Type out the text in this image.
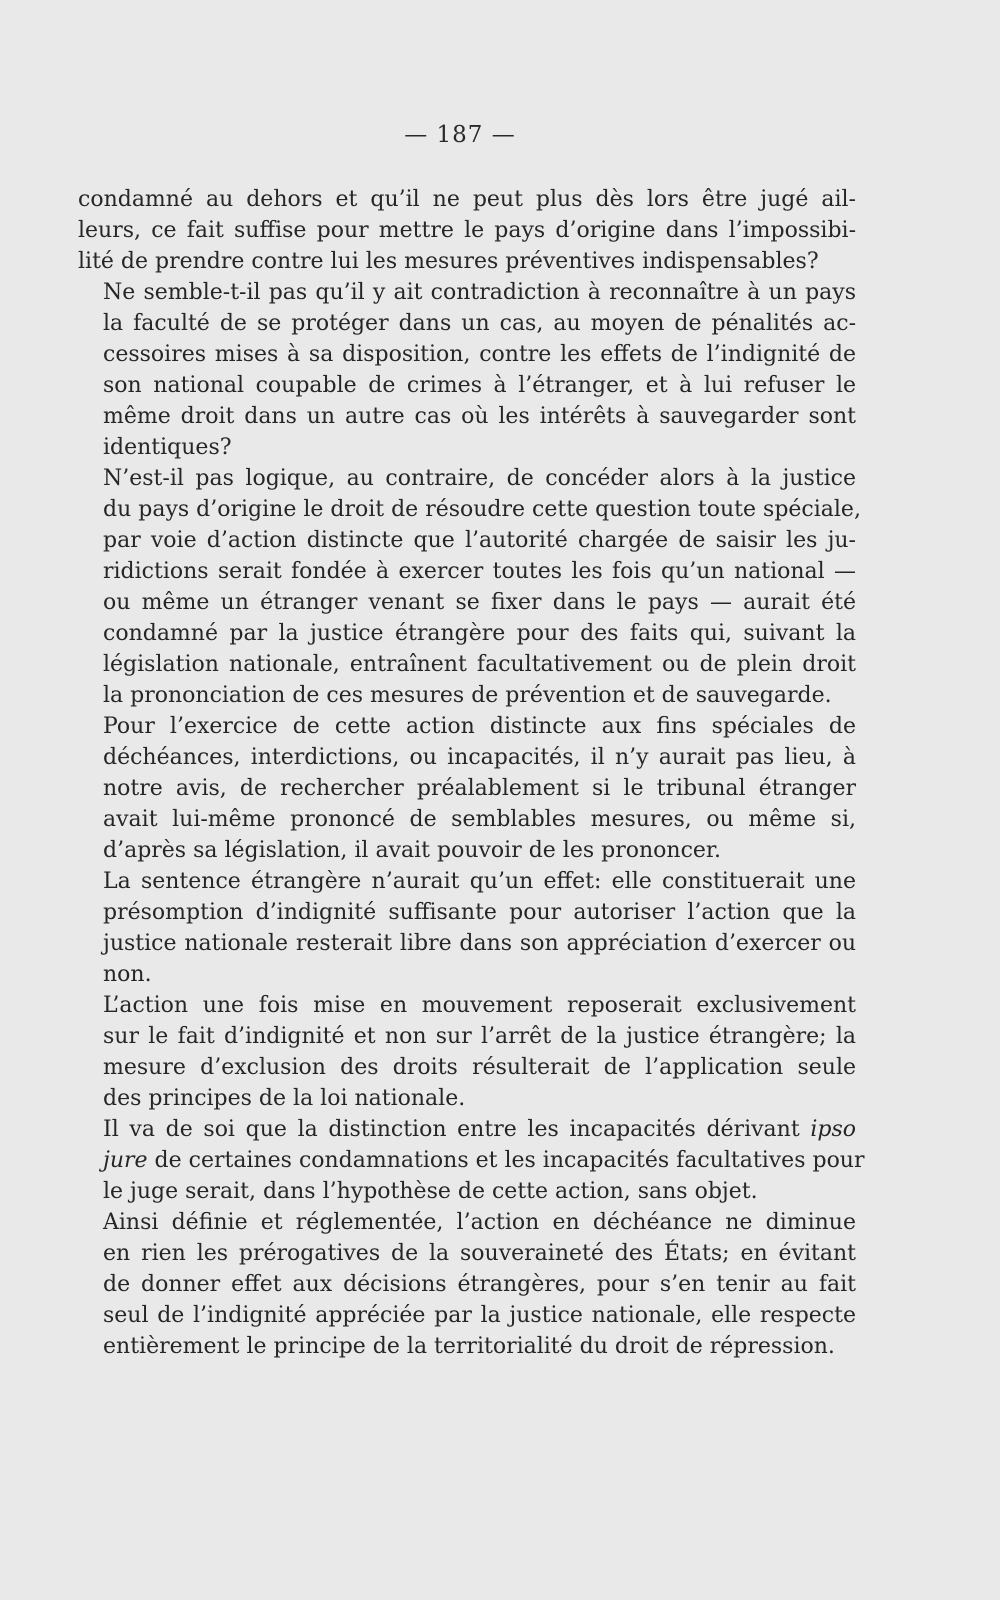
— 187 —

condamné au dehors et qu’il ne peut plus dès lors être jugé ail-
leurs, ce fait suffise pour mettre le pays d’origine dans l’impossibi-
lité de prendre contre lui les mesures préventives indispensables?

Ne semble-t-il pas qu’il y ait contradiction à reconnaître à un pays
la faculté de se protéger dans un cas, au moyen de pénalités ac-
cessoires mises à sa disposition, contre les effets de l’indignité de
son national coupable de crimes à l’étranger, et à lui refuser le
même droit dans un autre cas où les intérêts à sauvegarder sont
identiques?

N’est-il pas logique, au contraire, de concéder alors à la justice
du pays d’origine le droit de résoudre cette question toute spéciale,
par voie d’action distincte que l’autorité chargée de saisir les ju-
ridictions serait fondée à exercer toutes les fois qu’un national —
ou même un étranger venant se fixer dans le pays — aurait été
condamné par la justice étrangère pour des faits qui, suivant la
législation nationale, entraînent facultativement ou de plein droit
la prononciation de ces mesures de prévention et de sauvegarde.

Pour l’exercice de cette action distincte aux fins spéciales de
déchéances, interdictions, ou incapacités, il n’y aurait pas lieu, à
notre avis, de rechercher préalablement si le tribunal étranger
avait lui-même prononcé de semblables mesures, ou même si,
d’après sa législation, il avait pouvoir de les prononcer.

La sentence étrangère n’aurait qu’un effet: elle constituerait une
présomption d’indignité suffisante pour autoriser l’action que la
justice nationale resterait libre dans son appréciation d’exercer ou
non.

L’action une fois mise en mouvement reposerait exclusivement
sur le fait d’indignité et non sur l’arrêt de la justice étrangère; la
mesure d’exclusion des droits résulterait de l’application seule
des principes de la loi nationale.

Il va de soi que la distinction entre les incapacités dérivant ipso
jure de certaines condamnations et les incapacités facultatives pour
le juge serait, dans l’hypothèse de cette action, sans objet.

Ainsi définie et réglementée, l’action en déchéance ne diminue
en rien les prérogatives de la souveraineté des États; en évitant
de donner effet aux décisions étrangères, pour s’en tenir au fait
seul de l’indignité appréciée par la justice nationale, elle respecte
entièrement le principe de la territorialité du droit de répression.
